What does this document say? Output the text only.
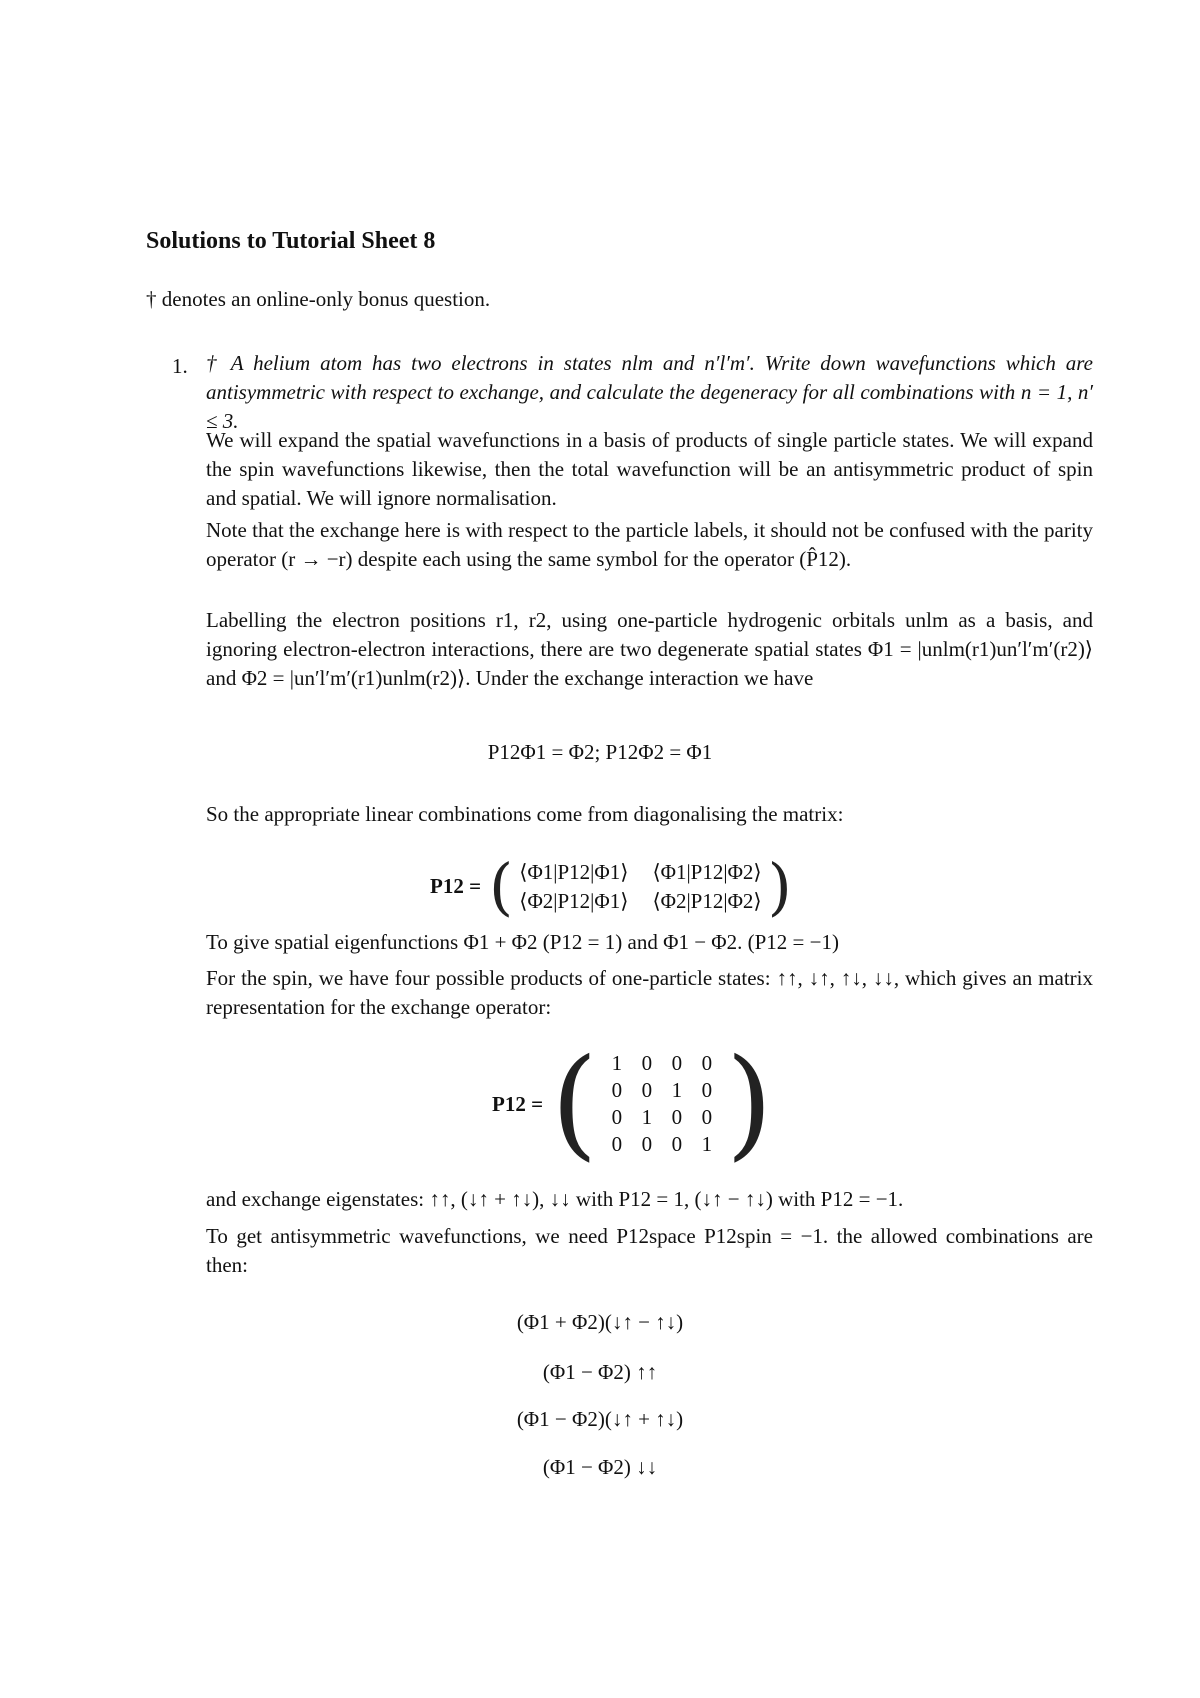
Solutions to Tutorial Sheet 8
† denotes an online-only bonus question.
1. † A helium atom has two electrons in states nlm and n′l′m′. Write down wavefunctions which are antisymmetric with respect to exchange, and calculate the degeneracy for all combinations with n = 1, n′ ≤ 3.
We will expand the spatial wavefunctions in a basis of products of single particle states. We will expand the spin wavefunctions likewise, then the total wavefunction will be an antisymmetric product of spin and spatial. We will ignore normalisation.
Note that the exchange here is with respect to the particle labels, it should not be confused with the parity operator (r → −r) despite each using the same symbol for the operator (P̂12).
Labelling the electron positions r1, r2, using one-particle hydrogenic orbitals unlm as a basis, and ignoring electron-electron interactions, there are two degenerate spatial states Φ1 = |unlm(r1)un′l′m′(r2)⟩ and Φ2 = |un′l′m′(r1)unlm(r2)⟩. Under the exchange interaction we have
P12Φ1 = Φ2; P12Φ2 = Φ1
So the appropriate linear combinations come from diagonalising the matrix:
P12 = ( ⟨Φ1|P12|Φ1⟩ ⟨Φ1|P12|Φ2⟩
⟨Φ2|P12|Φ1⟩ ⟨Φ2|P12|Φ2⟩ )
To give spatial eigenfunctions Φ1 + Φ2 (P12 = 1) and Φ1 − Φ2. (P12 = −1)
For the spin, we have four possible products of one-particle states: ↑↑, ↓↑, ↑↓, ↓↓, which gives an matrix representation for the exchange operator:
P12 = ( 1 0 0 0
0 0 1 0
0 1 0 0
0 0 0 1 )
and exchange eigenstates: ↑↑, (↓↑ + ↑↓), ↓↓ with P12 = 1, (↓↑ − ↑↓) with P12 = −1.
To get antisymmetric wavefunctions, we need P12space P12spin = −1. the allowed combinations are then:
(Φ1 + Φ2)(↓↑ − ↑↓)
(Φ1 − Φ2) ↑↑
(Φ1 − Φ2)(↓↑ + ↑↓)
(Φ1 − Φ2) ↓↓
